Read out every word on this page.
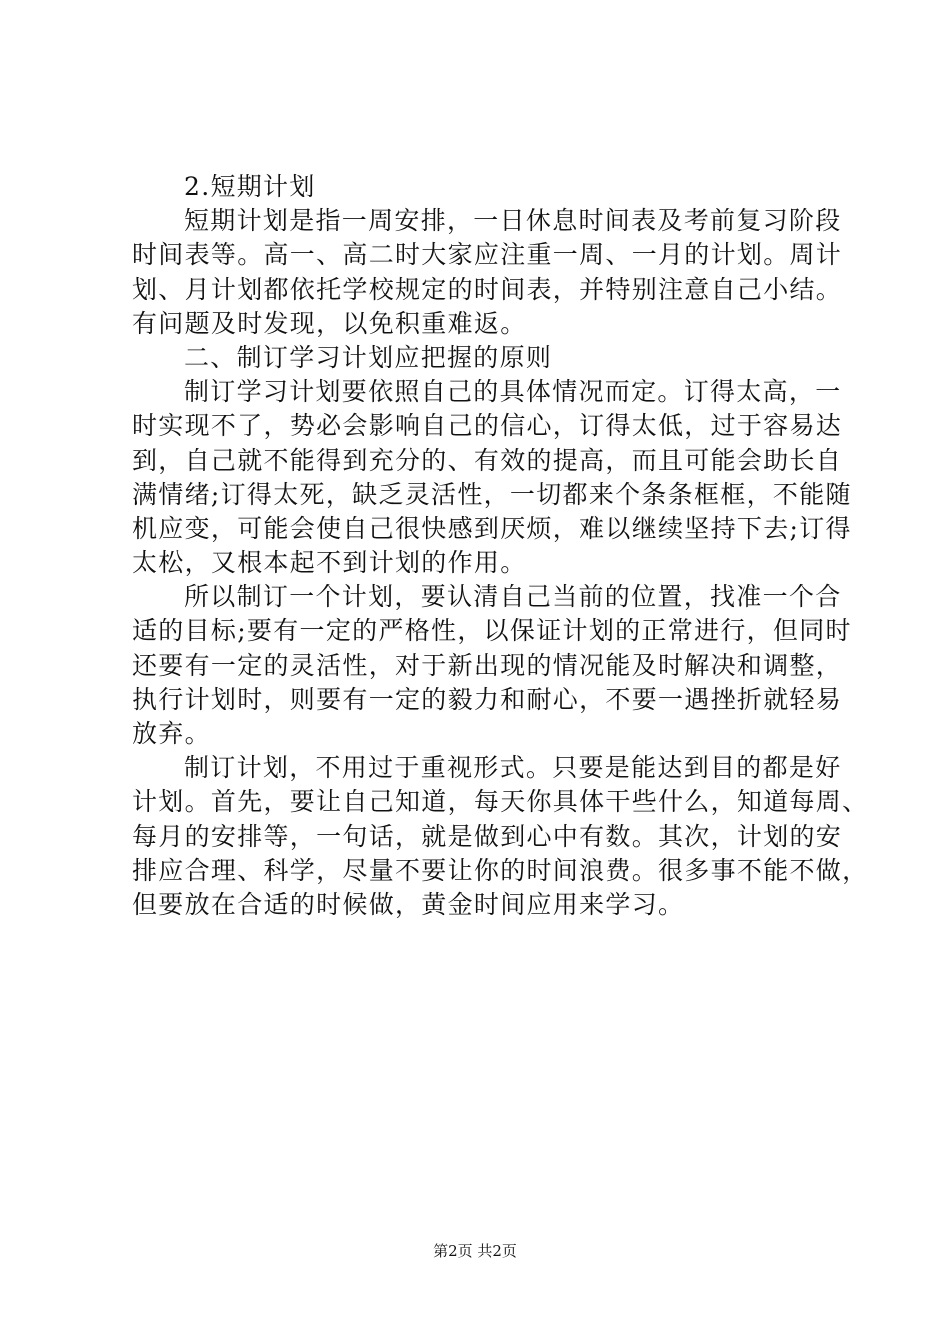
2.短期计划
短期计划是指一周安排，一日休息时间表及考前复习阶段
时间表等。高一、高二时大家应注重一周、一月的计划。周计
划、月计划都依托学校规定的时间表，并特别注意自己小结。
有问题及时发现，以免积重难返。
二、制订学习计划应把握的原则
制订学习计划要依照自己的具体情况而定。订得太高，一
时实现不了，势必会影响自己的信心，订得太低，过于容易达
到，自己就不能得到充分的、有效的提高，而且可能会助长自
满情绪;订得太死，缺乏灵活性，一切都来个条条框框，不能随
机应变，可能会使自己很快感到厌烦，难以继续坚持下去;订得
太松，又根本起不到计划的作用。
所以制订一个计划，要认清自己当前的位置，找准一个合
适的目标;要有一定的严格性，以保证计划的正常进行，但同时
还要有一定的灵活性，对于新出现的情况能及时解决和调整，
执行计划时，则要有一定的毅力和耐心，不要一遇挫折就轻易
放弃。
制订计划，不用过于重视形式。只要是能达到目的都是好
计划。首先，要让自己知道，每天你具体干些什么，知道每周、
每月的安排等，一句话，就是做到心中有数。其次，计划的安
排应合理、科学，尽量不要让你的时间浪费。很多事不能不做，
但要放在合适的时候做，黄金时间应用来学习。
第2页 共2页
